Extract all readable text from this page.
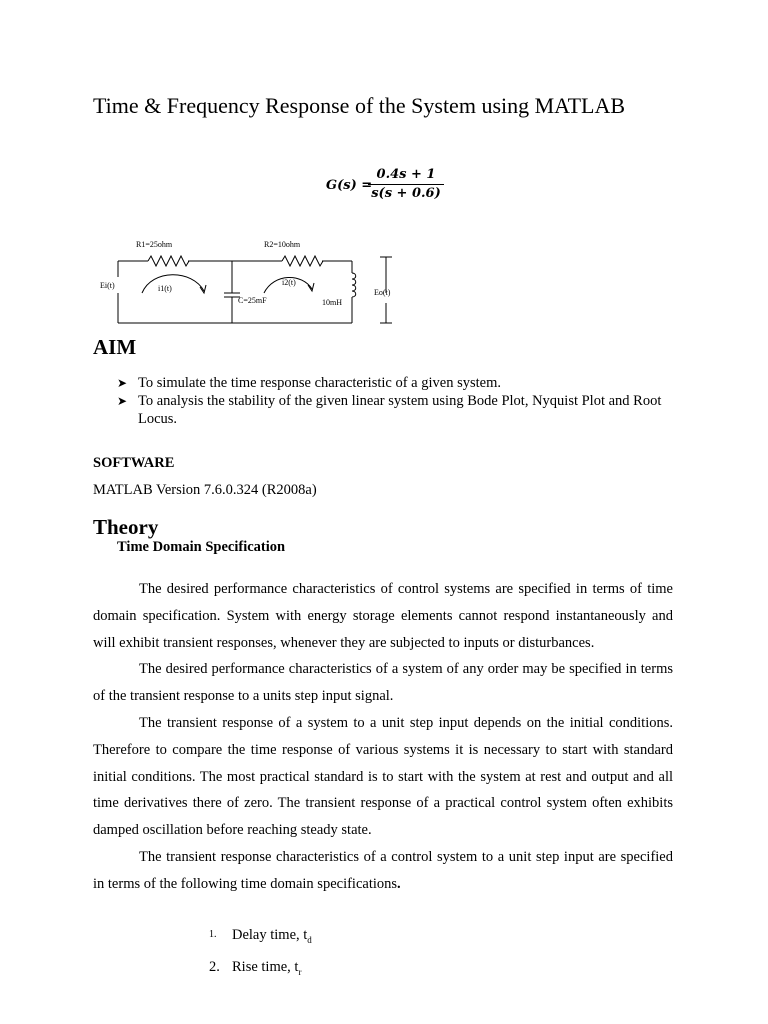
Time & Frequency Response of the System using MATLAB
G(s) =
0.4s + 1
s(s + 0.6)
R1=25ohm	R2=10ohm
Ei(t)	i1(t)
i2(t)
C=25mF	10mH
Eo(t)
AIM
➤ To simulate the time response characteristic of a given system.
➤ To analysis the stability of the given linear system using Bode Plot, Nyquist Plot and Root Locus.
SOFTWARE
MATLAB Version 7.6.0.324 (R2008a)
Theory
Time Domain Specification

The desired performance characteristics of control systems are specified in terms of time domain specification. System with energy storage elements cannot respond instantaneously and will exhibit transient responses, whenever they are subjected to inputs or disturbances.

The desired performance characteristics of a system of any order may be specified in terms of the transient response to a units step input signal.

The transient response of a system to a unit step input depends on the initial conditions. Therefore to compare the time response of various systems it is necessary to start with standard initial conditions. The most practical standard is to start with the system at rest and output and all time derivatives there of zero. The transient response of a practical control system often exhibits damped oscillation before reaching steady state.

The transient response characteristics of a control system to a unit step input are specified in terms of the following time domain specifications.

1. Delay time, $t_d$
2. Rise time, $t_r$
